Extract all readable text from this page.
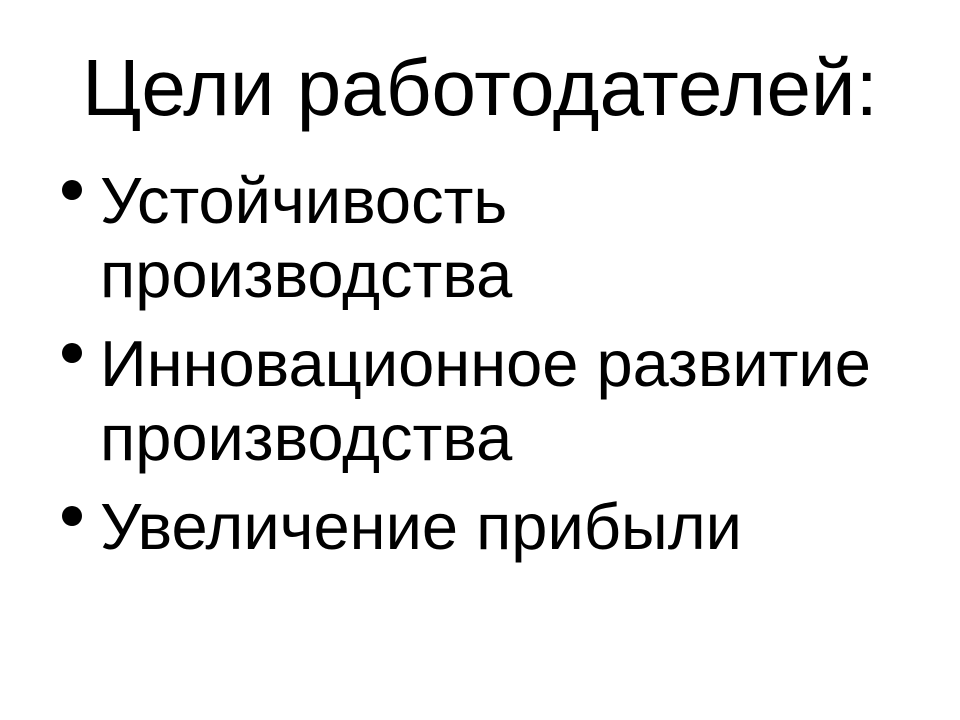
Цели работодателей:
Устойчивость производства
Инновационное развитие производства
Увеличение прибыли
